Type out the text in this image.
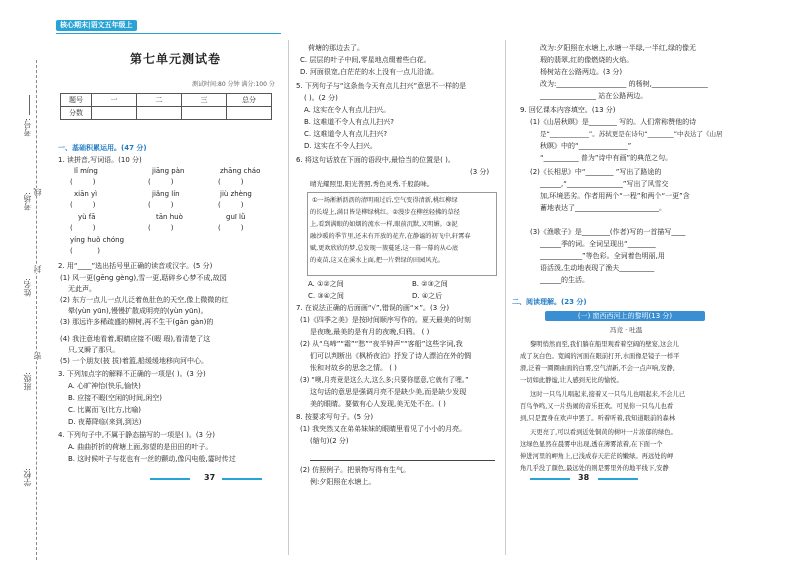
考号:
考场:
姓名:
班级:
学校:
线
封
密
核心期末|语文五年级上
第七单元测试卷
测试时间:80 分钟 满分:100 分
题号	一	二	三	总分
分数				
一、基础积累运用。(47 分)
1. 读拼音,写词语。(10 分)
lǐ míng	jiāng pàn	zhāng cháo
(         )	(         )	(         )
xiān yì	jiǎng lín	jiù zhèng
(         )	(         )	(         )
yù fā	tān huò	guī lǜ
(         )	(         )	(         )
yíng huǒ chóng
(           )
2. 用“____”选出括号里正确的读音或汉字。(5 分)
(1) 风一更(gēng gèng),雪一更,聒碎乡心梦不成,故园
无此声。
(2) 东方一点儿一点儿泛着鱼肚色的天空,像上微微的红
晕(yùn yūn),慢慢扩散成明亮的(yùn yūn)。
(3) 那远许多稀疏盛的柳树,再不生干(gān gàn)的
(4) 我注意地看着,眼睛应接不(暇 瑕),看清楚了这
只,又瞬了那只。
(5) 一个朋友(披 拔)着篮,船缓缓地移向河中心。
3. 下列加点字的解释不正确的一项是( )。(3 分)
A. 心旷神怡(快乐,愉快)
B. 应接不暇(空闲的时间,闲空)
C. 比翼而飞(比方,比喻)
D. 夜幕降临(来到,到达)
4. 下列句子中,不属于静态描写的一项是( )。(3 分)
A. 曲曲折折的荷塘上面,弥望的是田田的叶子。
B. 这时候叶子与花也有一丝的颤动,像闪电般,霎时传过
37
荷塘的那边去了。
C. 层层的叶子中间,零星地点缀着些白花。
D. 河面很宽,白茫茫的水上没有一点儿沿渣。
5. 下列句子与“这条鱼今天有点儿扫兴”意思不一样的是
( )。(2 分)
A. 这实在令人有点儿扫兴。
B. 这难道不令人有点儿扫兴?
C. 这难道令人有点儿扫兴?
D. 这实在不令人扫兴。
6. 将这句话放在下面的语段中,最恰当的位置是( )。
(3 分)
晴光耀照里,阳光普照,秀色灵秀,千般韵味。
①一场淅淅沥沥的清明雨过后,空气变得清新,桃红柳绿
的长堤上,满目皆是柳绿桃红。②漫步在柳丝轻拂的草径
上,看到满眼的如烟的流水一样,眼前沉默,又明媚。③泥
融沙暖的季节里,还未有开放的花卉,在静谧的初飞中,轩霄春
赋,更欢欣欣的梦,总发现一簇蔓延,这一幕一幕的从心底
的麦苗,这又在溪水上面,把一片碧绿的田园风光。
A. ①②之间	B. ②③之间
C. ③④之间	D. ④之后
7. 在说法正确的后面画“√”,错误的画“×”。(3 分)
(1)《四季之美》是按时间顺序写作的。夏天最美的时刻
是夜晚,最美的是有月的夜晚,归鸦。 ( )
(2) 从“乌啼”“霜”“愁”“夜半钟声”“客船”这些字词,我
们可以判断出《枫桥夜泊》抒发了诗人漂泊在外的惆
怅和对故乡的思念之情。 ( )
(3) “噢,月亮竟是这么大,这么多;只要你愿意,它就有了哩。”
这句话的意思是强调月亮不是缺少美,而是缺少发现
美的眼睛。要做有心人发现,美无处不在。( )
8. 按要求写句子。(5 分)
(1) 我突然又在弟弟妹妹的眼睛里看见了小小的月亮。
(缩句)(2 分)
(2) 仿照例子。把景物写得有生气。
例:夕阳照在水塘上。
改为:夕阳照在水塘上,水塘一半绿,一半红,绿的像无
瑕的翡翠,红的像燃烧的火焰。
杨树站在公路两边。(3 分)
改为:____________________ 的杨树,________________
________________ 站在公路两边。
9. 回忆课本内容填空。(13 分)
(1)《山居秋暝》是________ 写的。人们常称赞他的诗
是“____________”。苏轼更是在诗句“________”中表达了《山居
秋暝》中的“______________”
“__________ 普为”诗中有画”的典范之句。
(2)《长相思》中“________ ”写出了路途的
______,“________________”写出了风雪交
加,环境恶劣。作者用两个“一程”和两个“一更”含
蓄地表达了________________________。
(3)《渔歌子》是________(作者)写的一首描写____
______季的词。全词呈现出“________
____________”等色彩。全词着色明丽,用
语活泼,生动地表现了渔夫__________
______的生活。
二、阅读理解。(23 分)
(一) 窗西西河上的黎明(13 分)
冯竞 · 吐温
黎明悄然而至,我们躺在船里观看着空阔的壁宴,这会儿
成了灰白色。宽阔的河面在眼前打开,水面像是镜子一样平
滑,泛着一圈圈曲面的白雾,空气清新,不会一点声响,安静,
一切如此静谧,让人感到无比的愉悦。
这时一只鸟儿唱起来,接着又一只鸟儿也唱起来,不会儿已
百鸟争鸣,又一片热闹的音乐狂欢。可见你一只鸟儿也看
到,只是置身在欢声中罢了。听着听着,我知道眼前的森林
天更亮了,可以看到近处铜黄的树叶一片浓郁的绿色。
这绿色显然在晨雾中出现,透在薄雾浓着,在下面一个
伸进河里的岬角上,已浅成春天茫茫的嫩绿。再远处的岬
角几乎没了颜色,最远处的则是雾里外的地平线下,安静
38
